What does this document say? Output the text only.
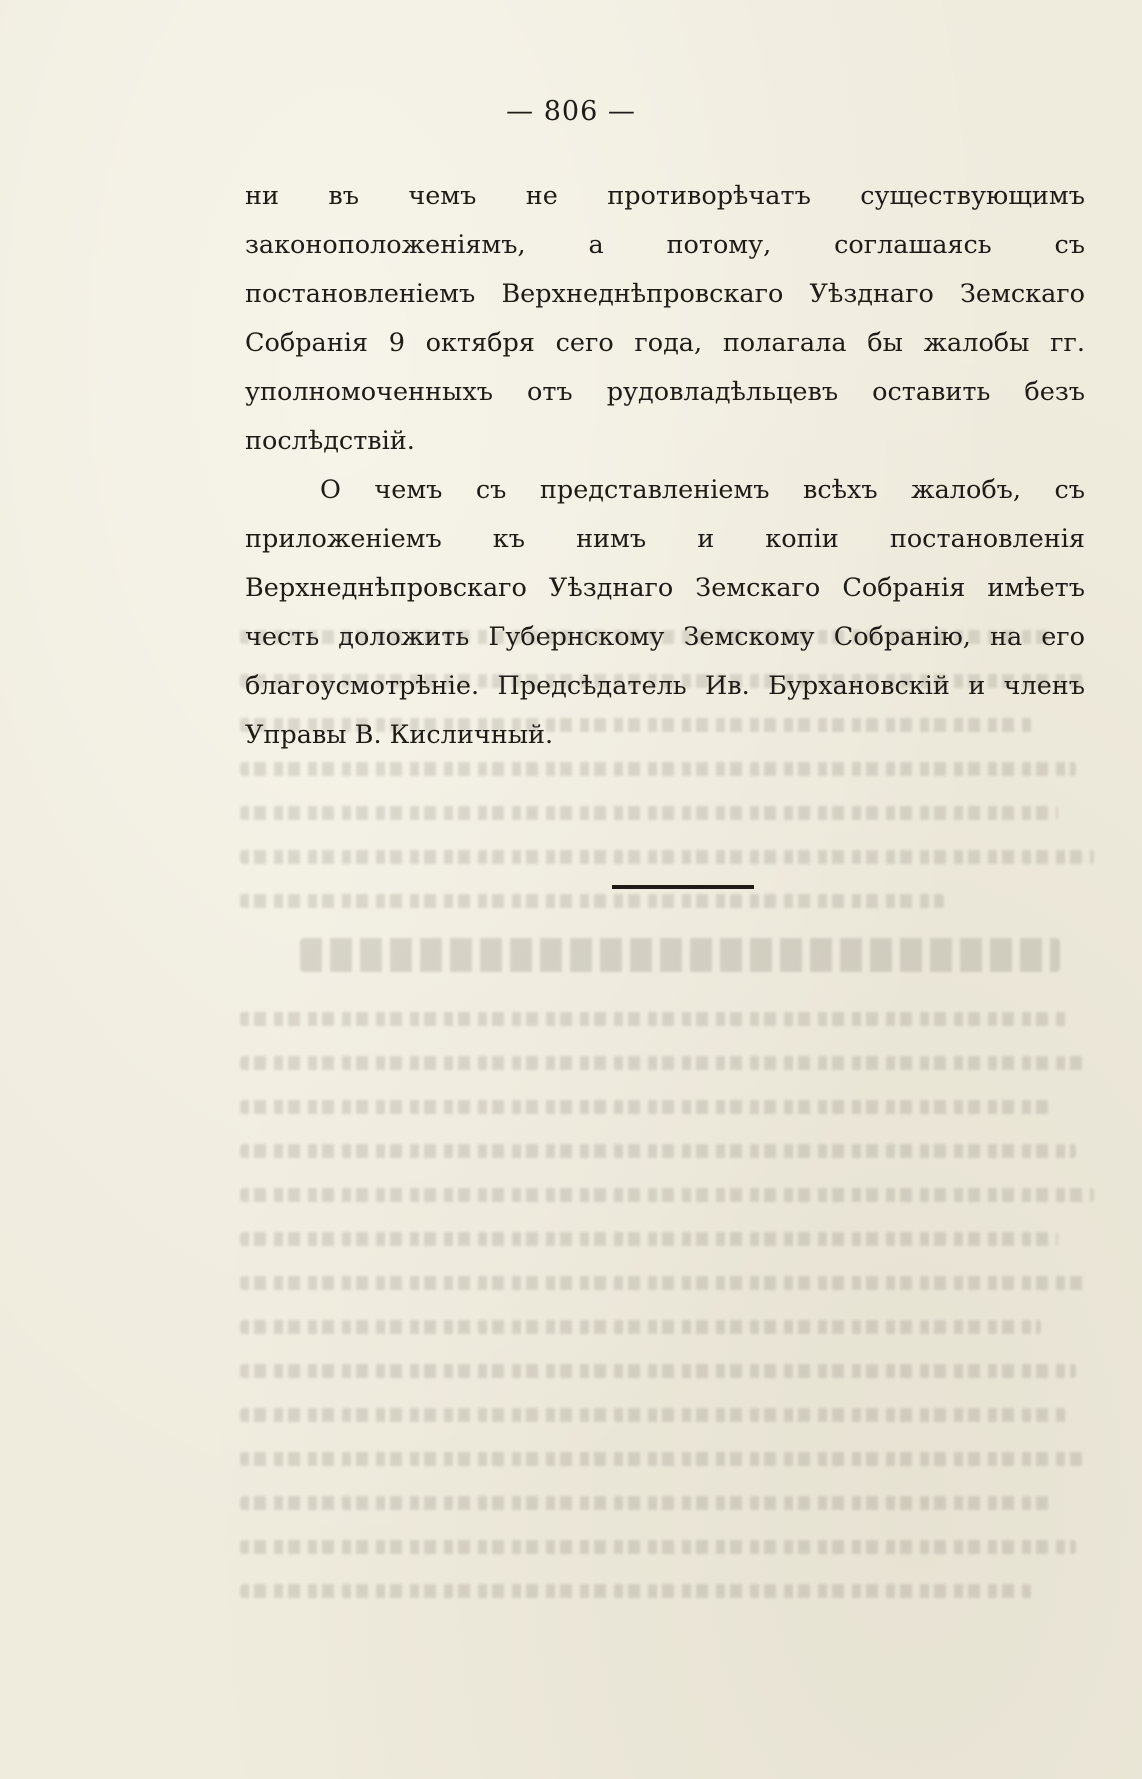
— 806 —

ни въ чемъ не противорѣчатъ существующимъ законоположеніямъ, а потому, соглашаясь съ постановленіемъ Верхнеднѣпровскаго Уѣзднаго Земскаго Собранія 9 октября сего года, полагала бы жалобы гг. уполномоченныхъ отъ рудовладѣльцевъ оставить безъ послѣдствій.

О чемъ съ представленіемъ всѣхъ жалобъ, съ приложеніемъ къ нимъ и копіи постановленія Верхнеднѣпровскаго Уѣзднаго Земскаго Собранія имѣетъ честь доложить Губернскому Земскому Собранію, на его благоусмотрѣніе. Предсѣдатель Ив. Бурхановскій и членъ Управы В. Кисличный.
